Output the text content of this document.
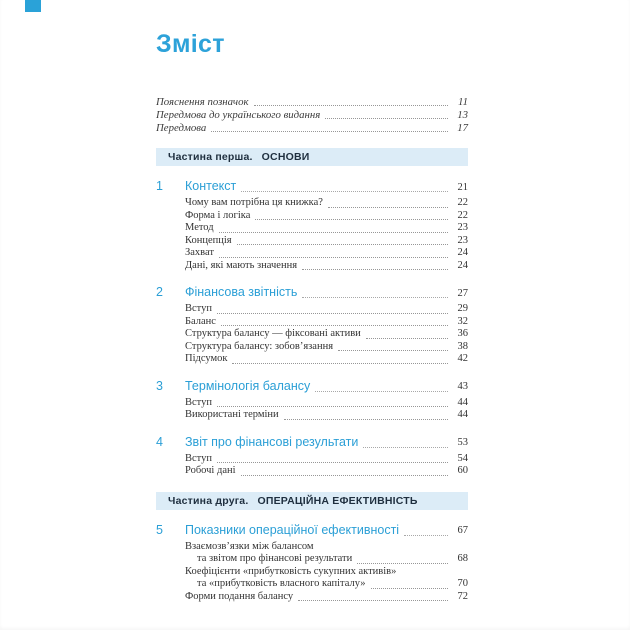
Зміст
Пояснення позначок	11
Передмова до українського видання	13
Передмова	17
Частина перша. ОСНОВИ
1	Контекст	21
Чому вам потрібна ця книжка?	22
Форма і логіка	22
Метод	23
Концепція	23
Захват	24
Дані, які мають значення	24
2	Фінансова звітність	27
Вступ	29
Баланс	32
Структура балансу — фіксовані активи	36
Структура балансу: зобов’язання	38
Підсумок	42
3	Термінологія балансу	43
Вступ	44
Використані терміни	44
4	Звіт про фінансові результати	53
Вступ	54
Робочі дані	60
Частина друга. ОПЕРАЦІЙНА ЕФЕКТИВНІСТЬ
5	Показники операційної ефективності	67
Взаємозв’язки між балансом
та звітом про фінансові результати	68
Коефіцієнти «прибутковість сукупних активів»
та «прибутковість власного капіталу»	70
Форми подання балансу	72
